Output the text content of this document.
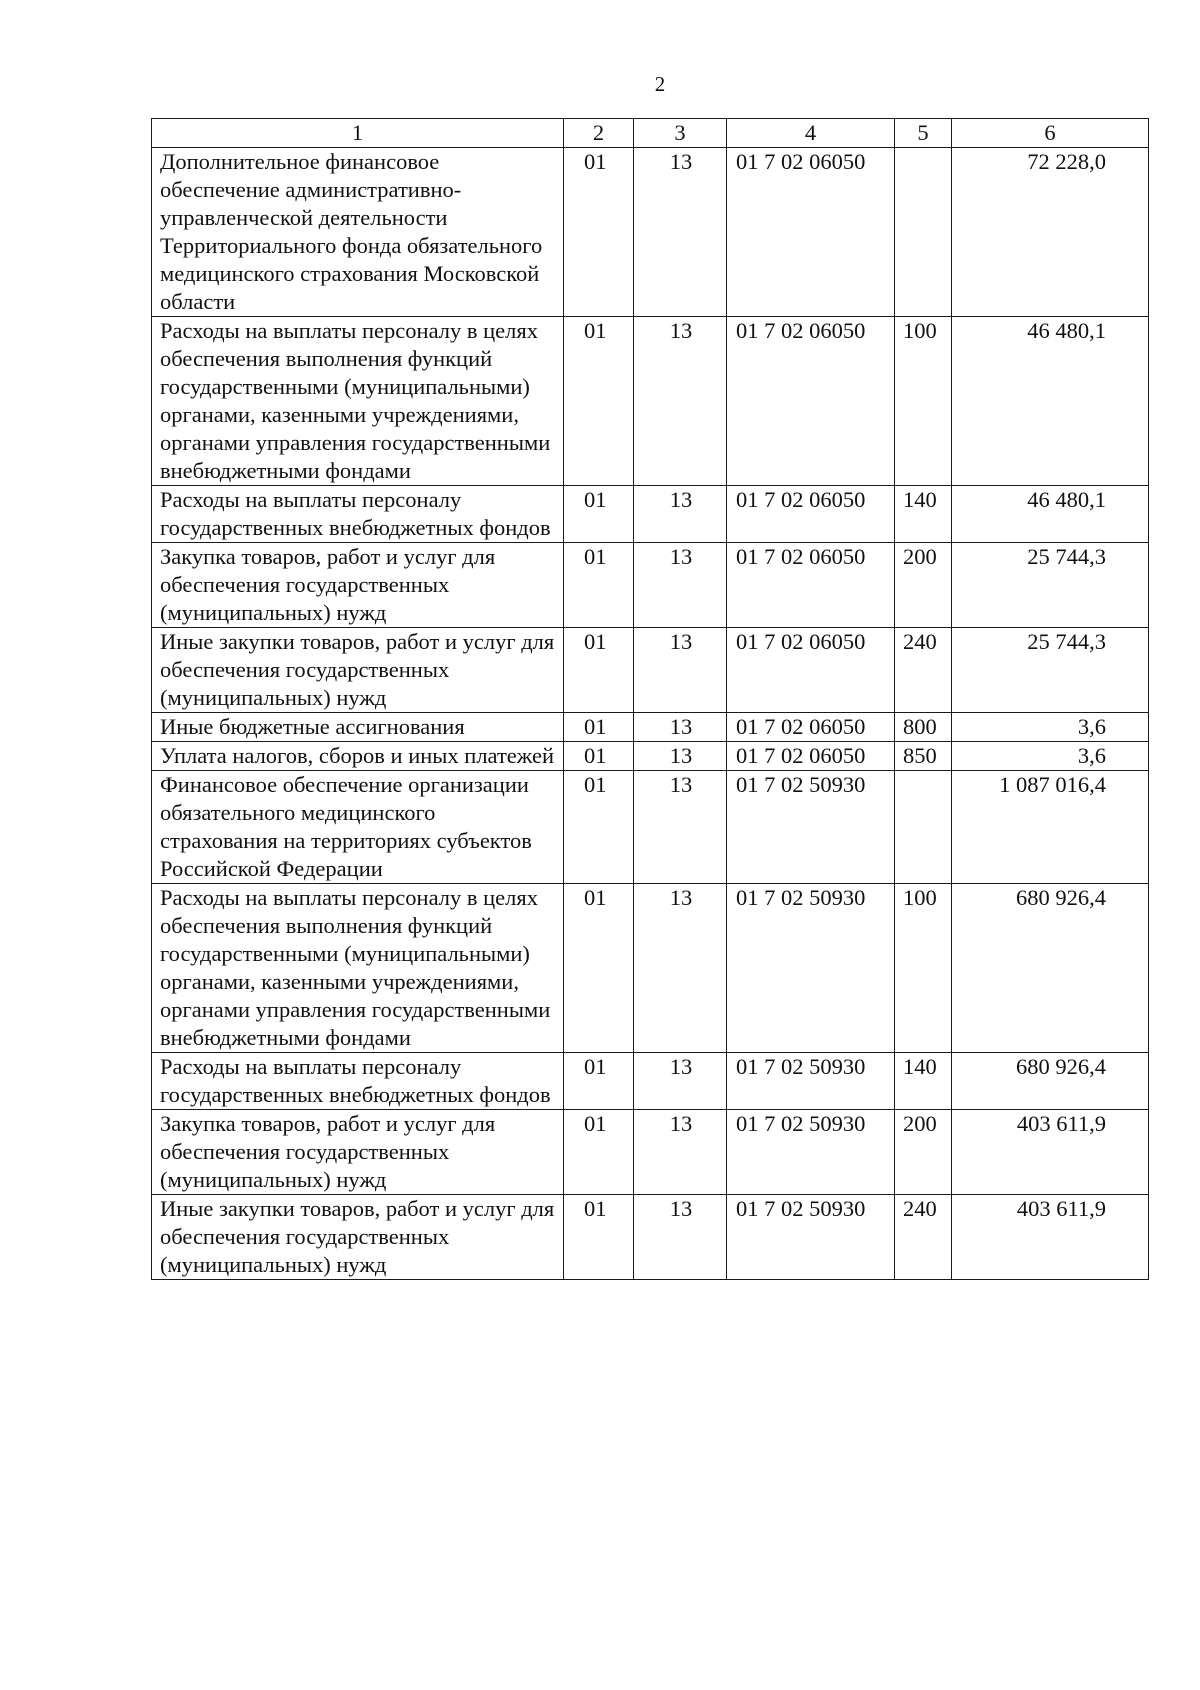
2
1	2	3	4	5	6
Дополнительное финансовое обеспечение административно-управленческой деятельности Территориального фонда обязательного медицинского страхования Московской области	01	13	01 7 02 06050		72 228,0
Расходы на выплаты персоналу в целях обеспечения выполнения функций государственными (муниципальными) органами, казенными учреждениями, органами управления государственными внебюджетными фондами	01	13	01 7 02 06050	100	46 480,1
Расходы на выплаты персоналу государственных внебюджетных фондов	01	13	01 7 02 06050	140	46 480,1
Закупка товаров, работ и услуг для обеспечения государственных (муниципальных) нужд	01	13	01 7 02 06050	200	25 744,3
Иные закупки товаров, работ и услуг для обеспечения государственных (муниципальных) нужд	01	13	01 7 02 06050	240	25 744,3
Иные бюджетные ассигнования	01	13	01 7 02 06050	800	3,6
Уплата налогов, сборов и иных платежей	01	13	01 7 02 06050	850	3,6
Финансовое обеспечение организации обязательного медицинского страхования на территориях субъектов Российской Федерации	01	13	01 7 02 50930		1 087 016,4
Расходы на выплаты персоналу в целях обеспечения выполнения функций государственными (муниципальными) органами, казенными учреждениями, органами управления государственными внебюджетными фондами	01	13	01 7 02 50930	100	680 926,4
Расходы на выплаты персоналу государственных внебюджетных фондов	01	13	01 7 02 50930	140	680 926,4
Закупка товаров, работ и услуг для обеспечения государственных (муниципальных) нужд	01	13	01 7 02 50930	200	403 611,9
Иные закупки товаров, работ и услуг для обеспечения государственных (муниципальных) нужд	01	13	01 7 02 50930	240	403 611,9
